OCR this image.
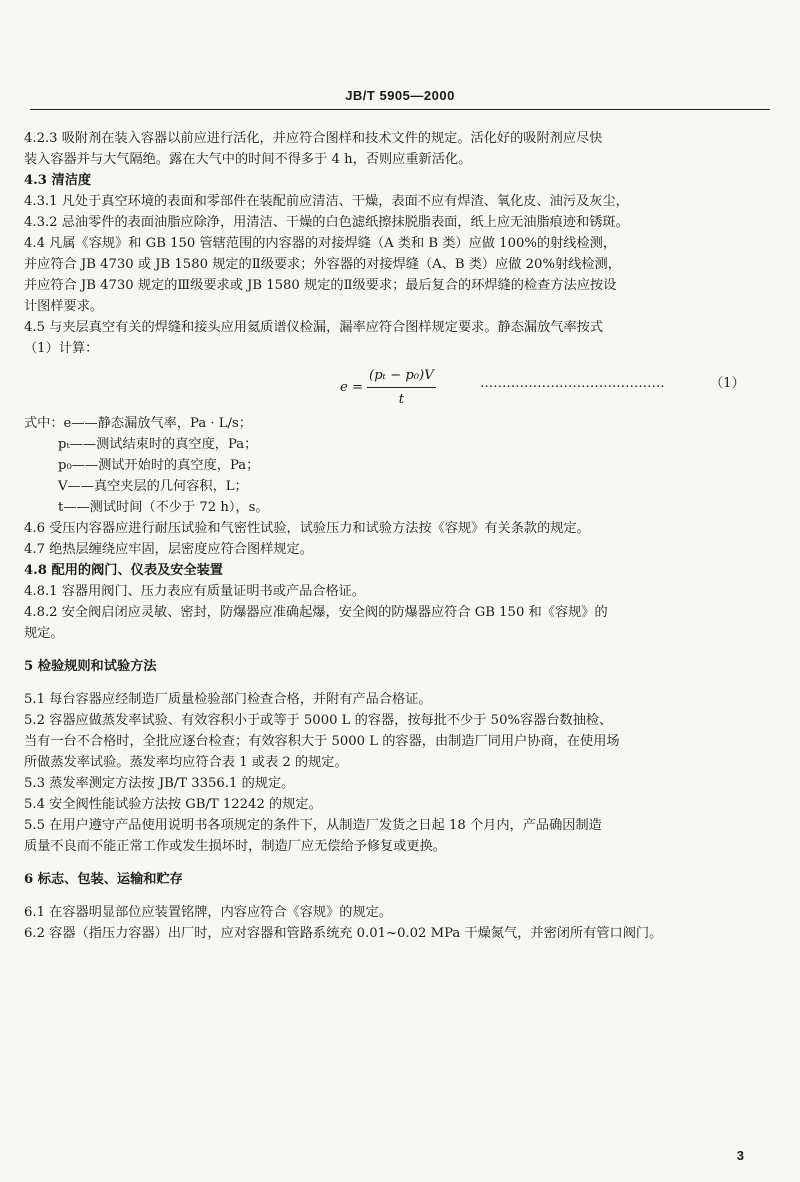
JB/T 5905—2000
4.2.3 吸附剂在装入容器以前应进行活化，并应符合图样和技术文件的规定。活化好的吸附剂应尽快
装入容器并与大气隔绝。露在大气中的时间不得多于 4 h，否则应重新活化。
4.3 清洁度
4.3.1 凡处于真空环境的表面和零部件在装配前应清洁、干燥，表面不应有焊渣、氧化皮、油污及灰尘，
4.3.2 忌油零件的表面油脂应除净，用清洁、干燥的白色滤纸擦抹脱脂表面，纸上应无油脂痕迹和锈斑。
4.4 凡属《容规》和 GB 150 管辖范围的内容器的对接焊缝（A 类和 B 类）应做 100%的射线检测，
并应符合 JB 4730 或 JB 1580 规定的Ⅱ级要求；外容器的对接焊缝（A、B 类）应做 20%射线检测，
并应符合 JB 4730 规定的Ⅲ级要求或 JB 1580 规定的Ⅱ级要求；最后复合的环焊缝的检查方法应按设
计图样要求。
4.5 与夹层真空有关的焊缝和接头应用氦质谱仪检漏，漏率应符合图样规定要求。静态漏放气率按式
（1）计算：
$e = \frac{\text{(pₜ − p₀)V}}{t}$	……………………………………	（1）
式中：e——静态漏放气率，Pa · L/s；
pₜ——测试结束时的真空度，Pa；
p₀——测试开始时的真空度，Pa；
V——真空夹层的几何容积，L；
t——测试时间（不少于 72 h），s。
4.6 受压内容器应进行耐压试验和气密性试验，试验压力和试验方法按《容规》有关条款的规定。
4.7 绝热层缠绕应牢固，层密度应符合图样规定。
4.8 配用的阀门、仪表及安全装置
4.8.1 容器用阀门、压力表应有质量证明书或产品合格证。
4.8.2 安全阀启闭应灵敏、密封，防爆器应准确起爆，安全阀的防爆器应符合 GB 150 和《容规》的
规定。
5 检验规则和试验方法
5.1 每台容器应经制造厂质量检验部门检查合格，并附有产品合格证。
5.2 容器应做蒸发率试验、有效容积小于或等于 5000 L 的容器，按每批不少于 50%容器台数抽检、
当有一台不合格时，全批应逐台检查；有效容积大于 5000 L 的容器，由制造厂同用户协商，在使用场
所做蒸发率试验。蒸发率均应符合表 1 或表 2 的规定。
5.3 蒸发率测定方法按 JB/T 3356.1 的规定。
5.4 安全阀性能试验方法按 GB/T 12242 的规定。
5.5 在用户遵守产品使用说明书各项规定的条件下，从制造厂发货之日起 18 个月内，产品确因制造
质量不良而不能正常工作或发生损坏时，制造厂应无偿给予修复或更换。
6 标志、包装、运输和贮存
6.1 在容器明显部位应装置铭牌，内容应符合《容规》的规定。
6.2 容器（指压力容器）出厂时，应对容器和管路系统充 0.01~0.02 MPa 干燥氮气，并密闭所有管口阀门。
3
